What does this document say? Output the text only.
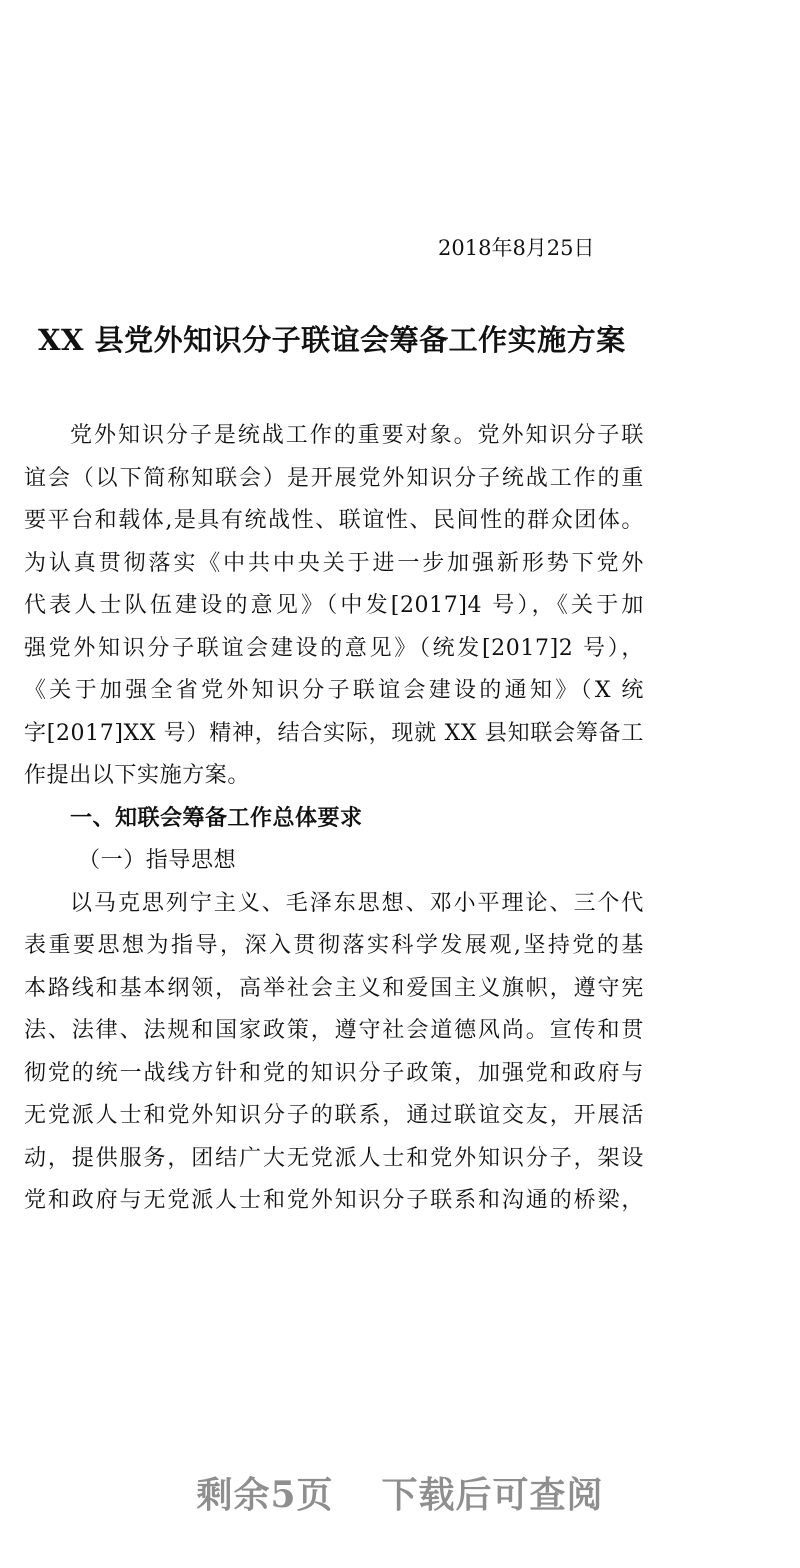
2018年8月25日
XX 县党外知识分子联谊会筹备工作实施方案
党外知识分子是统战工作的重要对象。党外知识分子联
谊会（以下简称知联会）是开展党外知识分子统战工作的重
要平台和载体,是具有统战性、联谊性、民间性的群众团体。
为认真贯彻落实《中共中央关于进一步加强新形势下党外
代表人士队伍建设的意见》（中发[2017]4 号），《关于加
强党外知识分子联谊会建设的意见》（统发[2017]2 号），
《关于加强全省党外知识分子联谊会建设的通知》（X 统
字[2017]XX 号）精神，结合实际，现就 XX 县知联会筹备工
作提出以下实施方案。
一、知联会筹备工作总体要求
（一）指导思想
以马克思列宁主义、毛泽东思想、邓小平理论、三个代
表重要思想为指导，深入贯彻落实科学发展观,坚持党的基
本路线和基本纲领，高举社会主义和爱国主义旗帜，遵守宪
法、法律、法规和国家政策，遵守社会道德风尚。宣传和贯
彻党的统一战线方针和党的知识分子政策，加强党和政府与
无党派人士和党外知识分子的联系，通过联谊交友，开展活
动，提供服务，团结广大无党派人士和党外知识分子，架设
党和政府与无党派人士和党外知识分子联系和沟通的桥梁，
剩余5页 下载后可查阅
